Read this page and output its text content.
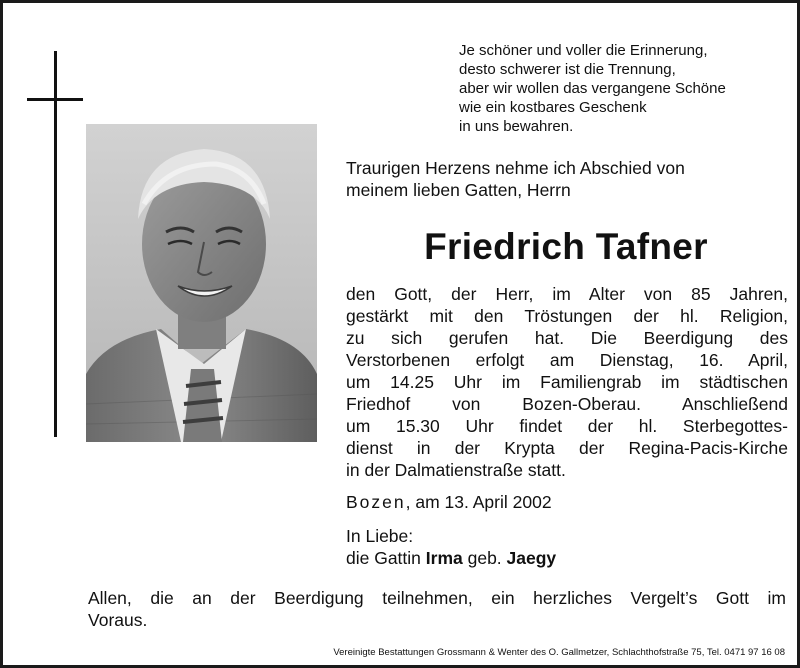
Je schöner und voller die Erinnerung,
desto schwerer ist die Trennung,
aber wir wollen das vergangene Schöne
wie ein kostbares Geschenk
in uns bewahren.
Traurigen Herzens nehme ich Abschied von
meinem lieben Gatten, Herrn
Friedrich Tafner
den Gott, der Herr, im Alter von 85 Jahren,
gestärkt mit den Tröstungen der hl. Religion,
zu sich gerufen hat. Die Beerdigung des
Verstorbenen erfolgt am Dienstag, 16. April,
um 14.25 Uhr im Familiengrab im städtischen
Friedhof von Bozen-Oberau. Anschließend
um 15.30 Uhr findet der hl. Sterbegottes-
dienst in der Krypta der Regina-Pacis-Kirche
in der Dalmatienstraße statt.
Bozen, am 13. April 2002
In Liebe:
die Gattin Irma geb. Jaegy
Allen, die an der Beerdigung teilnehmen, ein herzliches Vergelt’s Gott im
Voraus.
Vereinigte Bestattungen Grossmann & Wenter des O. Gallmetzer, Schlachthofstraße 75, Tel. 0471 97 16 08
